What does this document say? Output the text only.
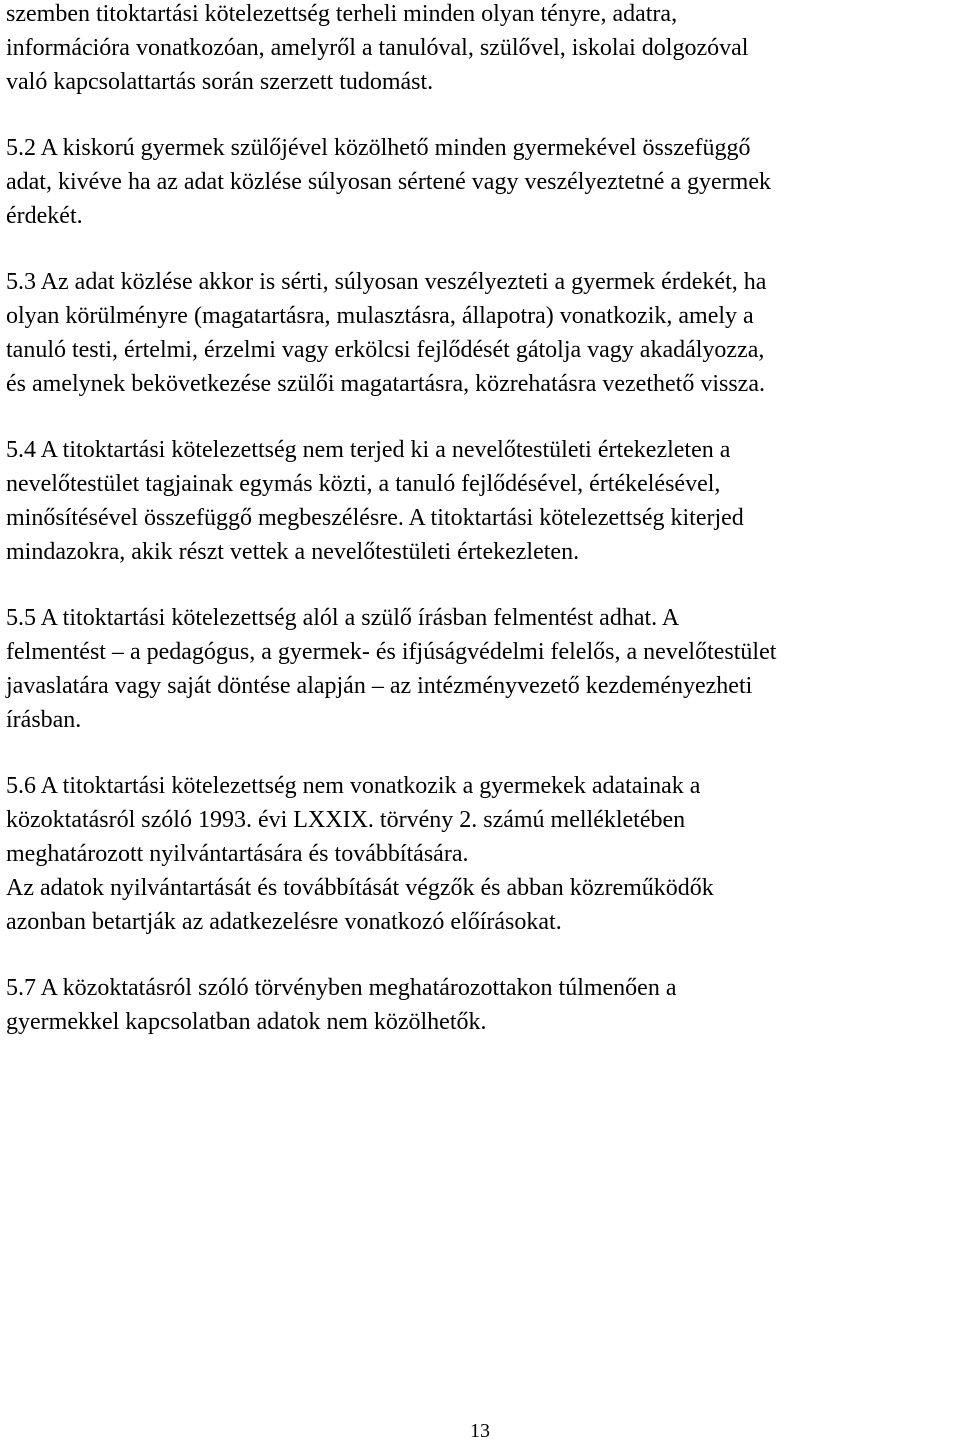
szemben titoktartási kötelezettség terheli minden olyan tényre, adatra,

információra vonatkozóan, amelyről a tanulóval, szülővel, iskolai dolgozóval

való kapcsolattartás során szerzett tudomást.

5.2 A kiskorú gyermek szülőjével közölhető minden gyermekével összefüggő

adat, kivéve ha az adat közlése súlyosan sértené vagy veszélyeztetné a gyermek

érdekét.

5.3 Az adat közlése akkor is sérti, súlyosan veszélyezteti a gyermek érdekét, ha

olyan körülményre (magatartásra, mulasztásra, állapotra) vonatkozik, amely a

tanuló testi, értelmi, érzelmi vagy erkölcsi fejlődését gátolja vagy akadályozza,

és amelynek bekövetkezése szülői magatartásra, közrehatásra vezethető vissza.

5.4 A titoktartási kötelezettség nem terjed ki a nevelőtestületi értekezleten a

nevelőtestület tagjainak egymás közti, a tanuló fejlődésével, értékelésével,

minősítésével összefüggő megbeszélésre. A titoktartási kötelezettség kiterjed

mindazokra, akik részt vettek a nevelőtestületi értekezleten.

5.5 A titoktartási kötelezettség alól a szülő írásban felmentést adhat. A

felmentést – a pedagógus, a gyermek- és ifjúságvédelmi felelős, a nevelőtestület

javaslatára vagy saját döntése alapján – az intézményvezető kezdeményezheti

írásban.

5.6 A titoktartási kötelezettség nem vonatkozik a gyermekek adatainak a

közoktatásról szóló 1993. évi LXXIX. törvény 2. számú mellékletében

meghatározott nyilvántartására és továbbítására.

Az adatok nyilvántartását és továbbítását végzők és abban közreműködők

azonban betartják az adatkezelésre vonatkozó előírásokat.

5.7 A közoktatásról szóló törvényben meghatározottakon túlmenően a

gyermekkel kapcsolatban adatok nem közölhetők.

13
